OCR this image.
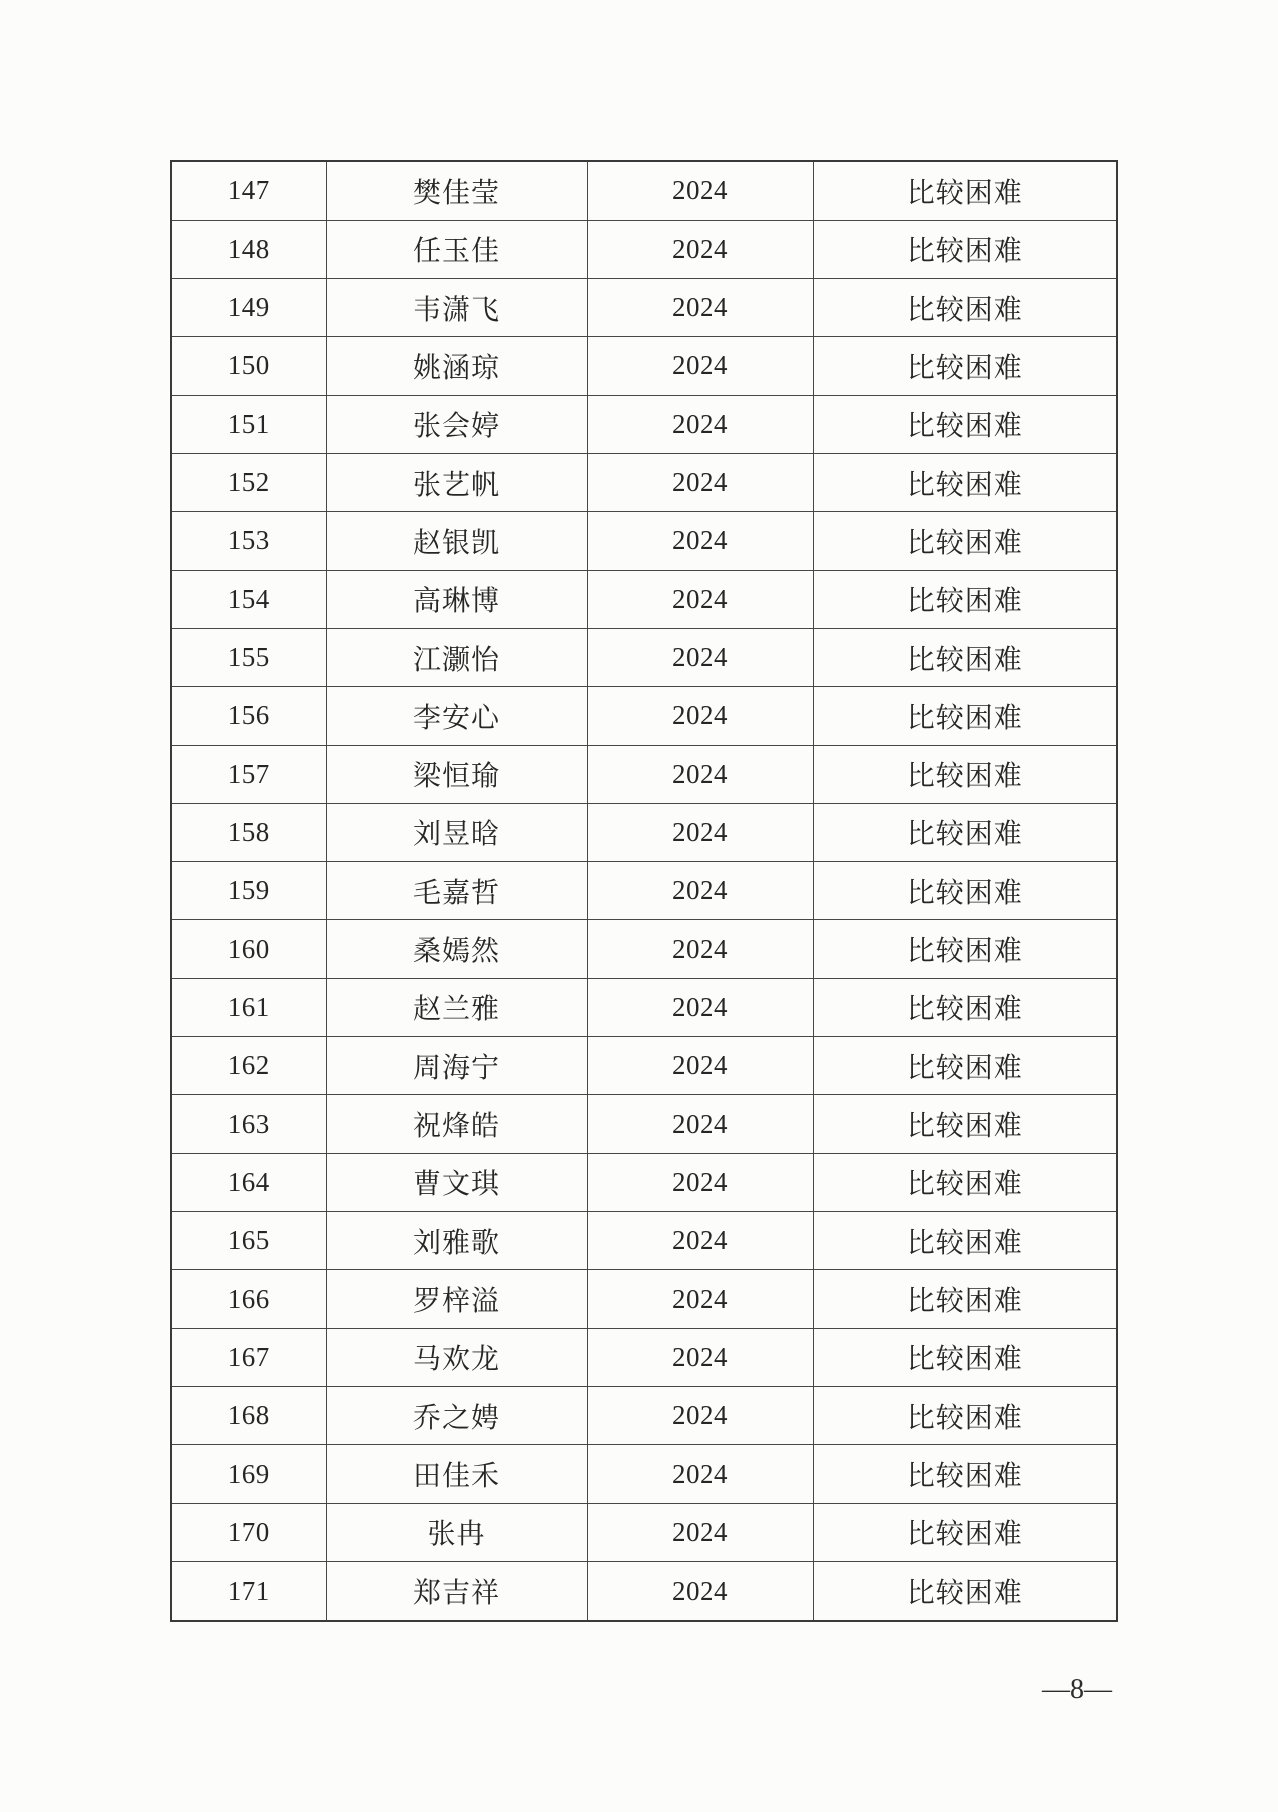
147	樊佳莹	2024	比较困难
148	任玉佳	2024	比较困难
149	韦潇飞	2024	比较困难
150	姚涵琼	2024	比较困难
151	张会婷	2024	比较困难
152	张艺帆	2024	比较困难
153	赵银凯	2024	比较困难
154	高琳博	2024	比较困难
155	江灏怡	2024	比较困难
156	李安心	2024	比较困难
157	梁恒瑜	2024	比较困难
158	刘昱晗	2024	比较困难
159	毛嘉哲	2024	比较困难
160	桑嫣然	2024	比较困难
161	赵兰雅	2024	比较困难
162	周海宁	2024	比较困难
163	祝烽皓	2024	比较困难
164	曹文琪	2024	比较困难
165	刘雅歌	2024	比较困难
166	罗梓溢	2024	比较困难
167	马欢龙	2024	比较困难
168	乔之娉	2024	比较困难
169	田佳禾	2024	比较困难
170	张冉	2024	比较困难
171	郑吉祥	2024	比较困难
—8—
